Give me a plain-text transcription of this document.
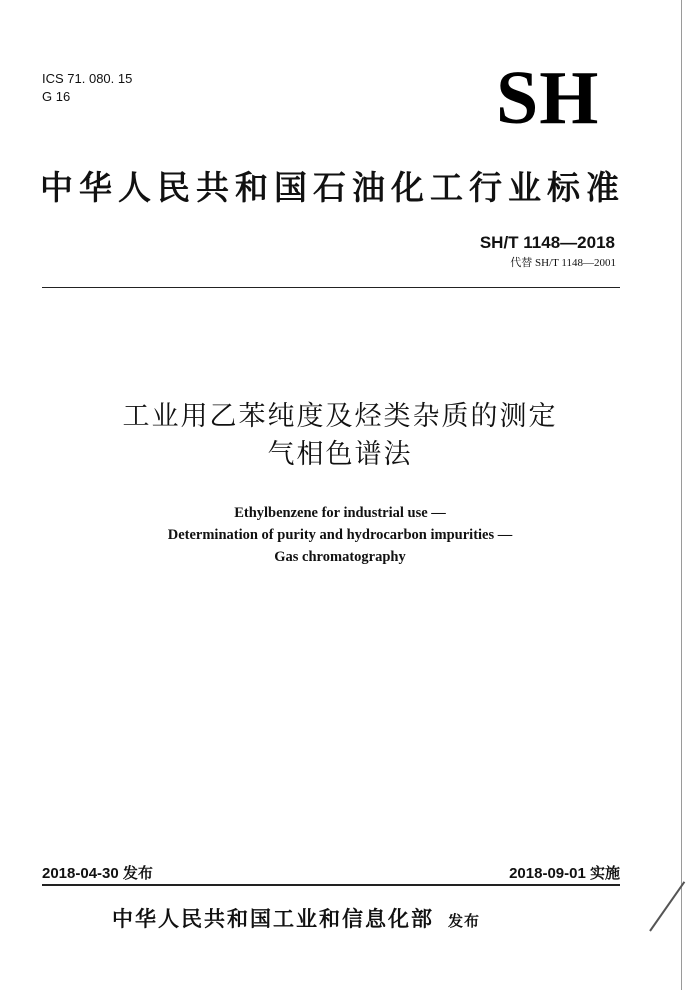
ICS 71. 080. 15
G 16	SH
中华人民共和国石油化工行业标准
SH/T 1148—2018
代替 SH/T 1148—2001
工业用乙苯纯度及烃类杂质的测定
气相色谱法
Ethylbenzene for industrial use —
Determination of purity and hydrocarbon impurities —
Gas chromatography
2018-04-30 发布	2018-09-01 实施
中华人民共和国工业和信息化部 发布
